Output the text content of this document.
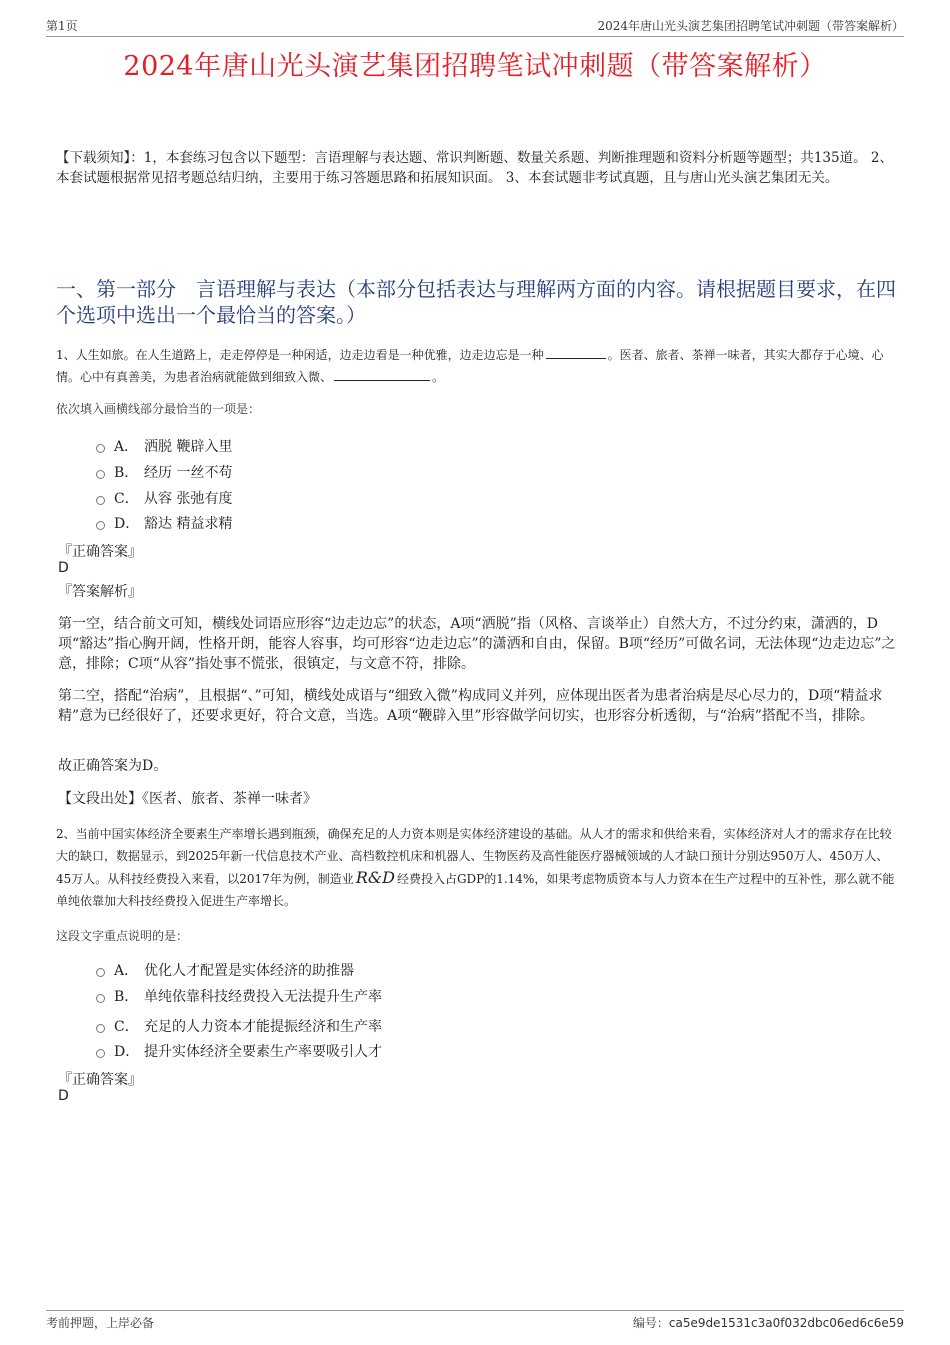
第1页	2024年唐山光头演艺集团招聘笔试冲刺题（带答案解析）
2024年唐山光头演艺集团招聘笔试冲刺题（带答案解析）
【下载须知】：1，本套练习包含以下题型：言语理解与表达题、常识判断题、数量关系题、判断推理题和资料分析题等题型；共135道。 2、本套试题根据常见招考题总结归纳，主要用于练习答题思路和拓展知识面。 3、本套试题非考试真题，且与唐山光头演艺集团无关。
一、第一部分　言语理解与表达（本部分包括表达与理解两方面的内容。请根据题目要求，在四个选项中选出一个最恰当的答案。）
1、人生如旅。在人生道路上，走走停停是一种闲适，边走边看是一种优雅，边走边忘是一种	。医者、旅者、茶禅一味者，其实大都存于心境、心情。心中有真善美，为患者治病就能做到细致入微、	。
依次填入画横线部分最恰当的一项是：
A． 洒脱 鞭辟入里
B． 经历 一丝不苟
C． 从容 张弛有度
D． 豁达 精益求精
『正确答案』
D
『答案解析』
第一空，结合前文可知，横线处词语应形容“边走边忘”的状态，A项“洒脱”指（风格、言谈举止）自然大方，不过分约束，潇洒的，D项“豁达”指心胸开阔，性格开朗，能容人容事，均可形容“边走边忘”的潇洒和自由，保留。B项“经历”可做名词，无法体现“边走边忘”之意，排除；C项“从容”指处事不慌张，很镇定，与文意不符，排除。
第二空，搭配“治病”，且根据“、”可知，横线处成语与“细致入微”构成同义并列，应体现出医者为患者治病是尽心尽力的，D项“精益求精”意为已经很好了，还要求更好，符合文意，当选。A项“鞭辟入里”形容做学问切实，也形容分析透彻，与“治病”搭配不当，排除。
故正确答案为D。
【文段出处】《医者、旅者、茶禅一味者》
2、当前中国实体经济全要素生产率增长遇到瓶颈，确保充足的人力资本则是实体经济建设的基础。从人才的需求和供给来看，实体经济对人才的需求存在比较大的缺口，数据显示，到2025年新一代信息技术产业、高档数控机床和机器人、生物医药及高性能医疗器械领域的人才缺口预计分别达950万人、450万人、45万人。从科技经费投入来看，以2017年为例，制造业 R&D 经费投入占GDP的1.14%，如果考虑物质资本与人力资本在生产过程中的互补性，那么就不能单纯依靠加大科技经费投入促进生产率增长。
这段文字重点说明的是：
A． 优化人才配置是实体经济的助推器
B． 单纯依靠科技经费投入无法提升生产率
C． 充足的人力资本才能提振经济和生产率
D． 提升实体经济全要素生产率要吸引人才
『正确答案』
D
考前押题，上岸必备	编号：ca5e9de1531c3a0f032dbc06ed6c6e59
